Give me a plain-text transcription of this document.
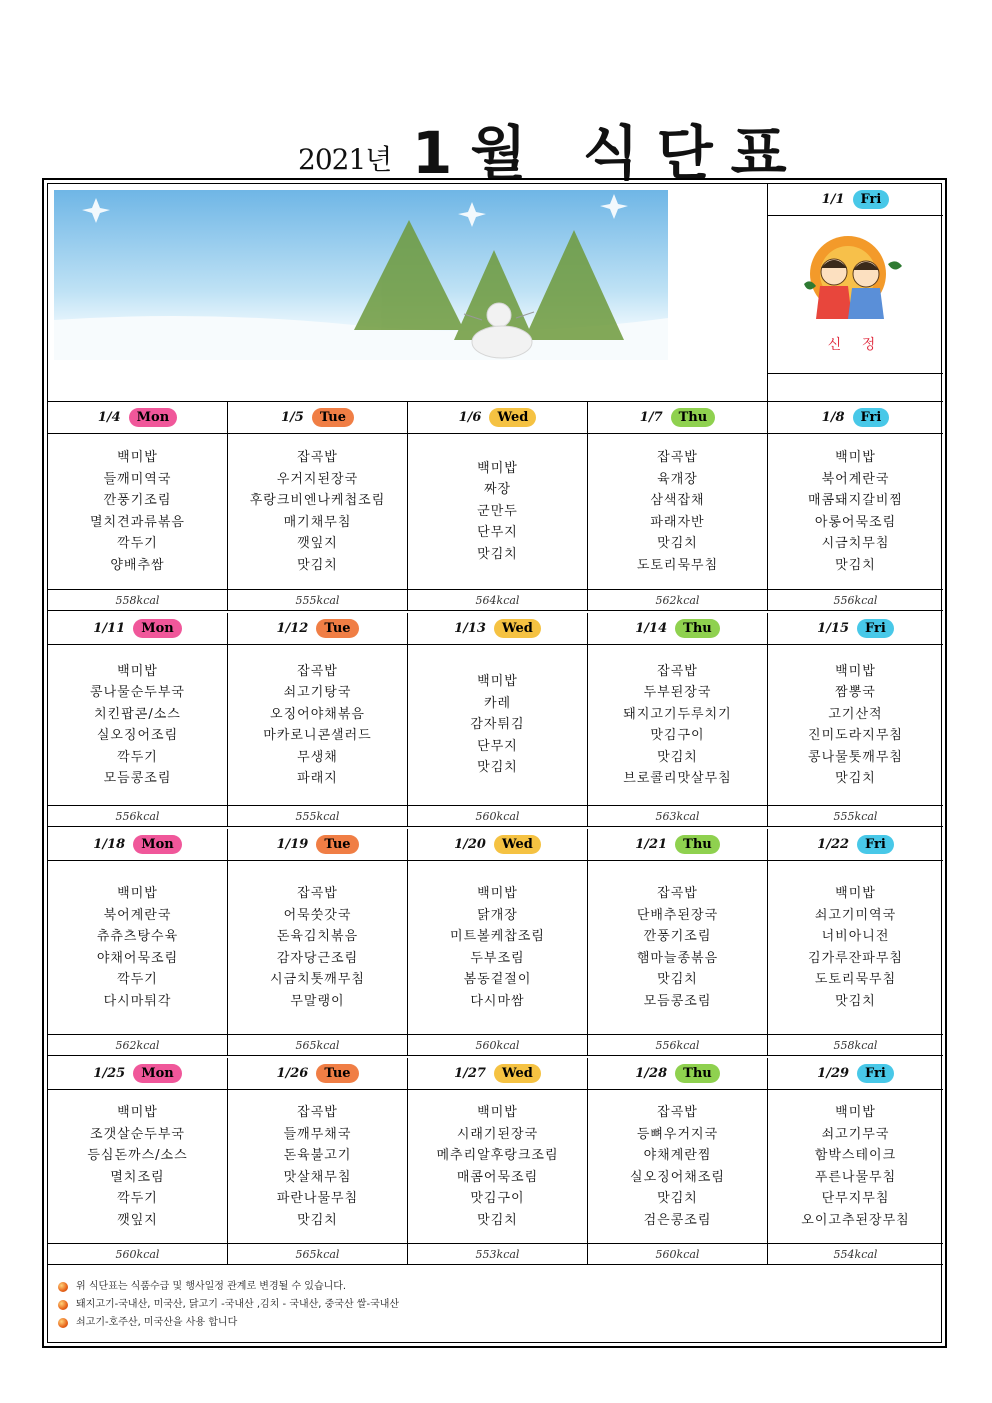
2021년 1월 식단표
1/1	Fri
신 정
1/4	Mon
백미밥
들깨미역국
깐풍기조림
멸치견과류볶음
깍두기
양배추쌈
558kcal
1/5	Tue
잡곡밥
우거지된장국
후랑크비엔나케첩조림
매기채무침
깻잎지
맛김치
555kcal
1/6	Wed
백미밥
짜장
군만두
단무지
맛김치
564kcal
1/7	Thu
잡곡밥
육개장
삼색잡채
파래자반
맛김치
도토리묵무침
562kcal
1/8	Fri
백미밥
북어계란국
매콤돼지갈비찜
아롱어묵조림
시금치무침
맛김치
556kcal
1/11	Mon
백미밥
콩나물순두부국
치킨팝콘/소스
실오징어조림
깍두기
모듬콩조림
556kcal
1/12	Tue
잡곡밥
쇠고기탕국
오징어야채볶음
마카로니콘샐러드
무생채
파래지
555kcal
1/13	Wed
백미밥
카레
감자튀김
단무지
맛김치
560kcal
1/14	Thu
잡곡밥
두부된장국
돼지고기두루치기
맛김구이
맛김치
브로콜리맛살무침
563kcal
1/15	Fri
백미밥
짬뽕국
고기산적
진미도라지무침
콩나물톳깨무침
맛김치
555kcal
1/18	Mon
백미밥
북어계란국
츄츄츠탕수육
야채어묵조림
깍두기
다시마튀각
562kcal
1/19	Tue
잡곡밥
어묵쑷갓국
돈육김치볶음
감자당근조림
시금치톳깨무침
무말랭이
565kcal
1/20	Wed
백미밥
닭개장
미트볼케찹조림
두부조림
봄동겉절이
다시마쌈
560kcal
1/21	Thu
잡곡밥
단배추된장국
깐풍기조림
햄마늘종볶음
맛김치
모듬콩조림
556kcal
1/22	Fri
백미밥
쇠고기미역국
너비아니전
김가루잔파무침
도토리묵무침
맛김치
558kcal
1/25	Mon
백미밥
조갯살순두부국
등심돈까스/소스
멸치조림
깍두기
깻잎지
560kcal
1/26	Tue
잡곡밥
들깨무채국
돈육불고기
맛살채무침
파란나물무침
맛김치
565kcal
1/27	Wed
백미밥
시래기된장국
메추리알후랑크조림
매콤어묵조림
맛김구이
맛김치
553kcal
1/28	Thu
잡곡밥
등뼈우거지국
야채계란찜
실오징어채조림
맛김치
검은콩조림
560kcal
1/29	Fri
백미밥
쇠고기무국
함박스테이크
푸른나물무침
단무지무침
오이고추된장무침
554kcal
위 식단표는 식품수급 및 행사일정 관계로 변경될 수 있습니다.
돼지고기-국내산, 미국산, 닭고기 -국내산 ,김치 - 국내산, 중국산 쌀-국내산
쇠고기-호주산, 미국산을 사용 합니다
